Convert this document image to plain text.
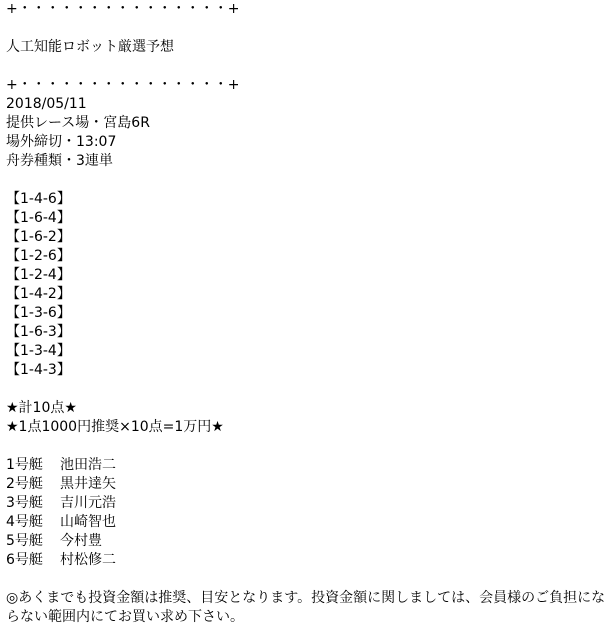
+・・・・・・・・・・・・・・・+
人工知能ロボット厳選予想
+・・・・・・・・・・・・・・・+
2018/05/11
提供レース場・宮島6R
場外締切・13:07
舟券種類・3連単
【1-4-6】
【1-6-4】
【1-6-2】
【1-2-6】
【1-2-4】
【1-4-2】
【1-3-6】
【1-6-3】
【1-3-4】
【1-4-3】
★計10点★
★1点1000円推奨×10点=1万円★
1号艇	池田浩二
2号艇	黒井達矢
3号艇	吉川元浩
4号艇	山崎智也
5号艇	今村豊
6号艇	村松修二
◎あくまでも投資金額は推奨、目安となります。投資金額に関しましては、会員様のご負担にならない範囲内にてお買い求め下さい。
